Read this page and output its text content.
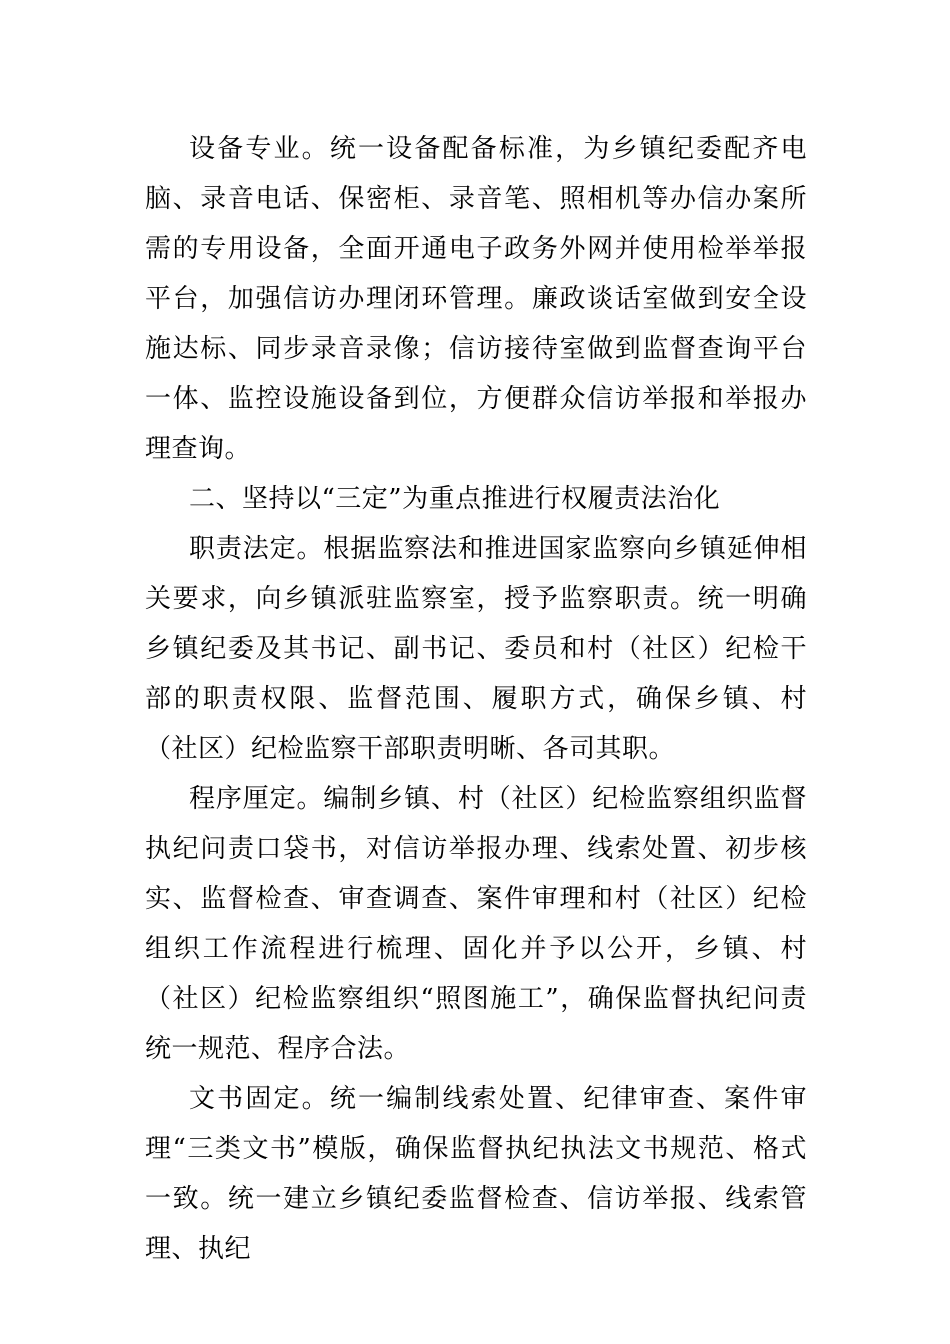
设备专业。统一设备配备标准，为乡镇纪委配齐电脑、录音电话、保密柜、录音笔、照相机等办信办案所需的专用设备，全面开通电子政务外网并使用检举举报平台，加强信访办理闭环管理。廉政谈话室做到安全设施达标、同步录音录像；信访接待室做到监督查询平台一体、监控设施设备到位，方便群众信访举报和举报办理查询。

二、坚持以“三定”为重点推进行权履责法治化

职责法定。根据监察法和推进国家监察向乡镇延伸相关要求，向乡镇派驻监察室，授予监察职责。统一明确乡镇纪委及其书记、副书记、委员和村（社区）纪检干部的职责权限、监督范围、履职方式，确保乡镇、村（社区）纪检监察干部职责明晰、各司其职。

程序厘定。编制乡镇、村（社区）纪检监察组织监督执纪问责口袋书，对信访举报办理、线索处置、初步核实、监督检查、审查调查、案件审理和村（社区）纪检组织工作流程进行梳理、固化并予以公开，乡镇、村（社区）纪检监察组织“照图施工”，确保监督执纪问责统一规范、程序合法。

文书固定。统一编制线索处置、纪律审查、案件审理“三类文书”模版，确保监督执纪执法文书规范、格式一致。统一建立乡镇纪委监督检查、信访举报、线索管理、执纪
